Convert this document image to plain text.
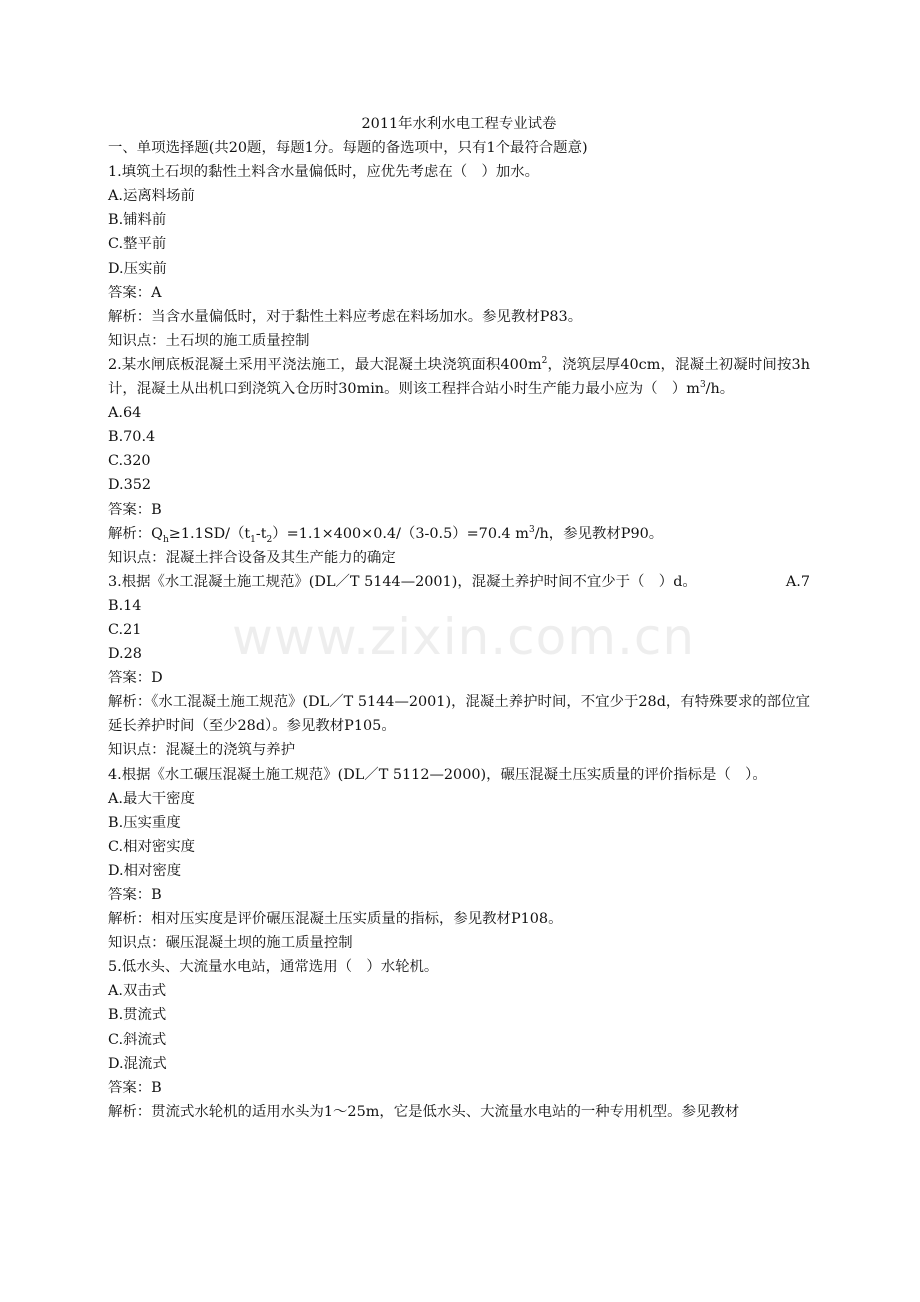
www.zixin.com.cn
2011年水利水电工程专业试卷
一、单项选择题(共20题，每题1分。每题的备选项中，只有1个最符合题意)
1.填筑土石坝的黏性土料含水量偏低时，应优先考虑在（　）加水。
A.运离料场前
B.铺料前
C.整平前
D.压实前
答案：A
解析：当含水量偏低时，对于黏性土料应考虑在料场加水。参见教材P83。
知识点：土石坝的施工质量控制
2.某水闸底板混凝土采用平浇法施工，最大混凝土块浇筑面积$400m^2$，浇筑层厚40cm，混凝土初凝时间按3h计，混凝土从出机口到浇筑入仓历时30min。则该工程拌合站小时生产能力最小应为（　）$m^3/h$。
A.64
B.70.4
C.320
D.352
答案：B
解析：$Q_h\ge 1.1SD/(t_1-t_2)=1.1\times 400\times 0.4/(3-0.5)=70.4$ $m^3/h$，参见教材P90。
知识点：混凝土拌合设备及其生产能力的确定
3.根据《水工混凝土施工规范》(DL／T 5144—2001)，混凝土养护时间不宜少于（　）d。	A.7
B.14
C.21
D.28
答案：D
解析：《水工混凝土施工规范》(DL／T 5144—2001)，混凝土养护时间，不宜少于28d，有特殊要求的部位宜延长养护时间（至少28d）。参见教材P105。
知识点：混凝土的浇筑与养护
4.根据《水工碾压混凝土施工规范》(DL／T 5112—2000)，碾压混凝土压实质量的评价指标是（　）。
A.最大干密度
B.压实重度
C.相对密实度
D.相对密度
答案：B
解析：相对压实度是评价碾压混凝土压实质量的指标，参见教材P108。
知识点：碾压混凝土坝的施工质量控制
5.低水头、大流量水电站，通常选用（　）水轮机。
A.双击式
B.贯流式
C.斜流式
D.混流式
答案：B
解析：贯流式水轮机的适用水头为1～25m，它是低水头、大流量水电站的一种专用机型。参见教材
